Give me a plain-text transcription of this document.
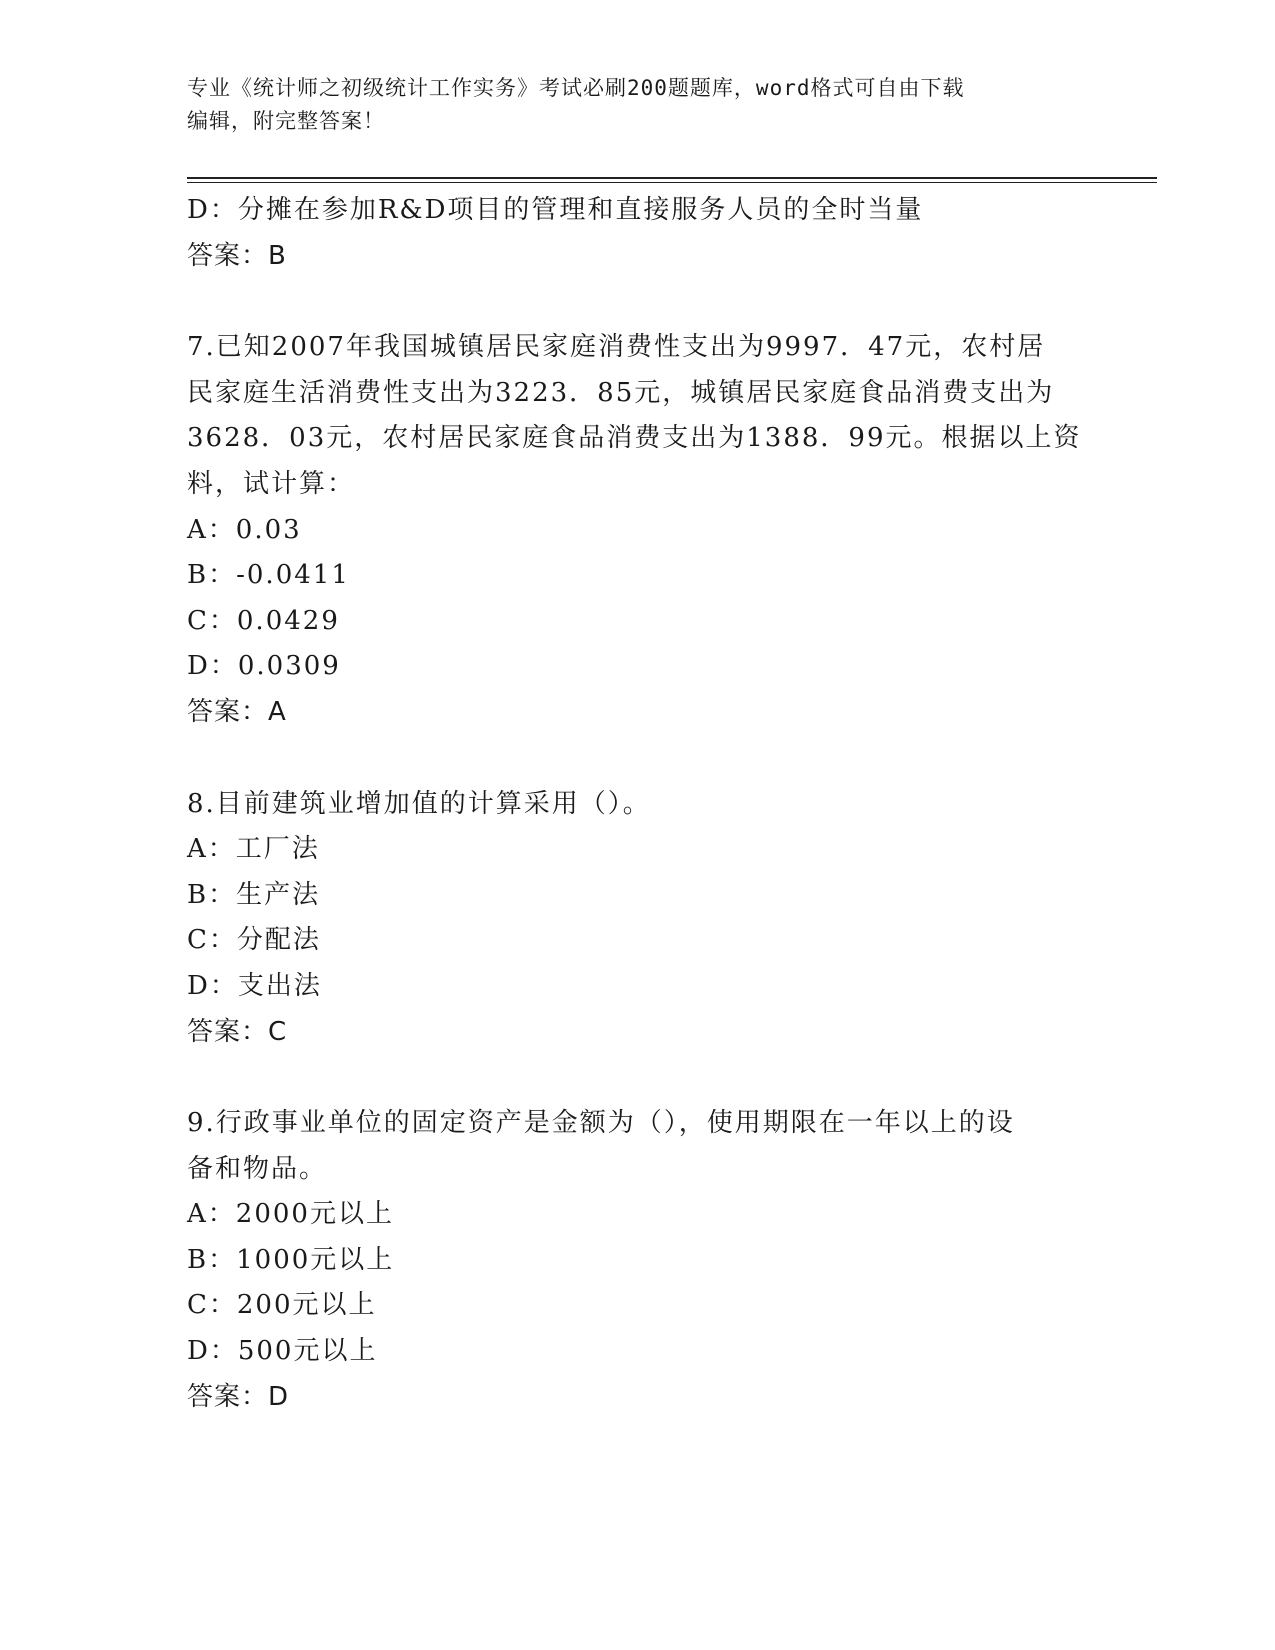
专业《统计师之初级统计工作实务》考试必刷200题题库，word格式可自由下载
编辑，附完整答案！
D：分摊在参加R&D项目的管理和直接服务人员的全时当量
答案：B
7.已知2007年我国城镇居民家庭消费性支出为9997．47元，农村居
民家庭生活消费性支出为3223．85元，城镇居民家庭食品消费支出为
3628．03元，农村居民家庭食品消费支出为1388．99元。根据以上资
料，试计算：
A：0.03
B：-0.0411
C：0.0429
D：0.0309
答案：A
8.目前建筑业增加值的计算采用（）。
A：工厂法
B：生产法
C：分配法
D：支出法
答案：C
9.行政事业单位的固定资产是金额为（），使用期限在一年以上的设
备和物品。
A：2000元以上
B：1000元以上
C：200元以上
D：500元以上
答案：D
